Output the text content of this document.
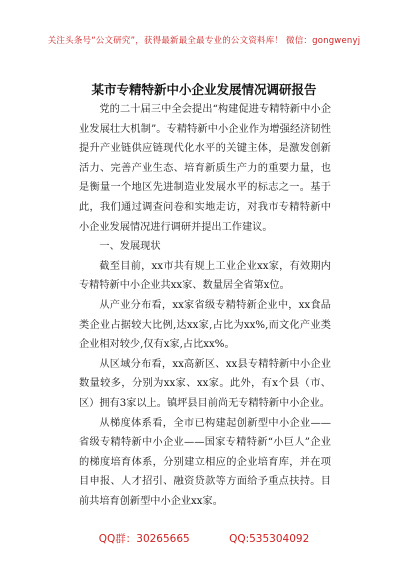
关注头条号“公文研究”，获得最新最全最专业的公文资料库！ 微信：gongwenyj
某市专精特新中小企业发展情况调研报告

党的二十届三中全会提出“构建促进专精特新中小企业发展壮大机制”。专精特新中小企业作为增强经济韧性提升产业链供应链现代化水平的关键主体，是激发创新活力、完善产业生态、培育新质生产力的重要力量，也是衡量一个地区先进制造业发展水平的标志之一。基于此，我们通过调查问卷和实地走访，对我市专精特新中小企业发展情况进行调研并提出工作建议。

一、发展现状

截至目前，xx市共有规上工业企业xx家，有效期内专精特新中小企业共xx家、数量居全省第x位。

从产业分布看，xx家省级专精特新企业中，xx食品类企业占据较大比例,达xx家,占比为xx%,而文化产业类企业相对较少,仅有x家,占比xx%。

从区域分布看，xx高新区、xx县专精特新中小企业数量较多，分别为xx家、xx家。此外，有x个县（市、区）拥有3家以上。镇坪县目前尚无专精特新中小企业。

从梯度体系看，全市已构建起创新型中小企业——省级专精特新中小企业——国家专精特新“小巨人”企业的梯度培育体系，分别建立相应的企业培育库，并在项目申报、人才招引、融资贷款等方面给予重点扶持。目前共培育创新型中小企业xx家。

QQ群：30265665	QQ:535304092
